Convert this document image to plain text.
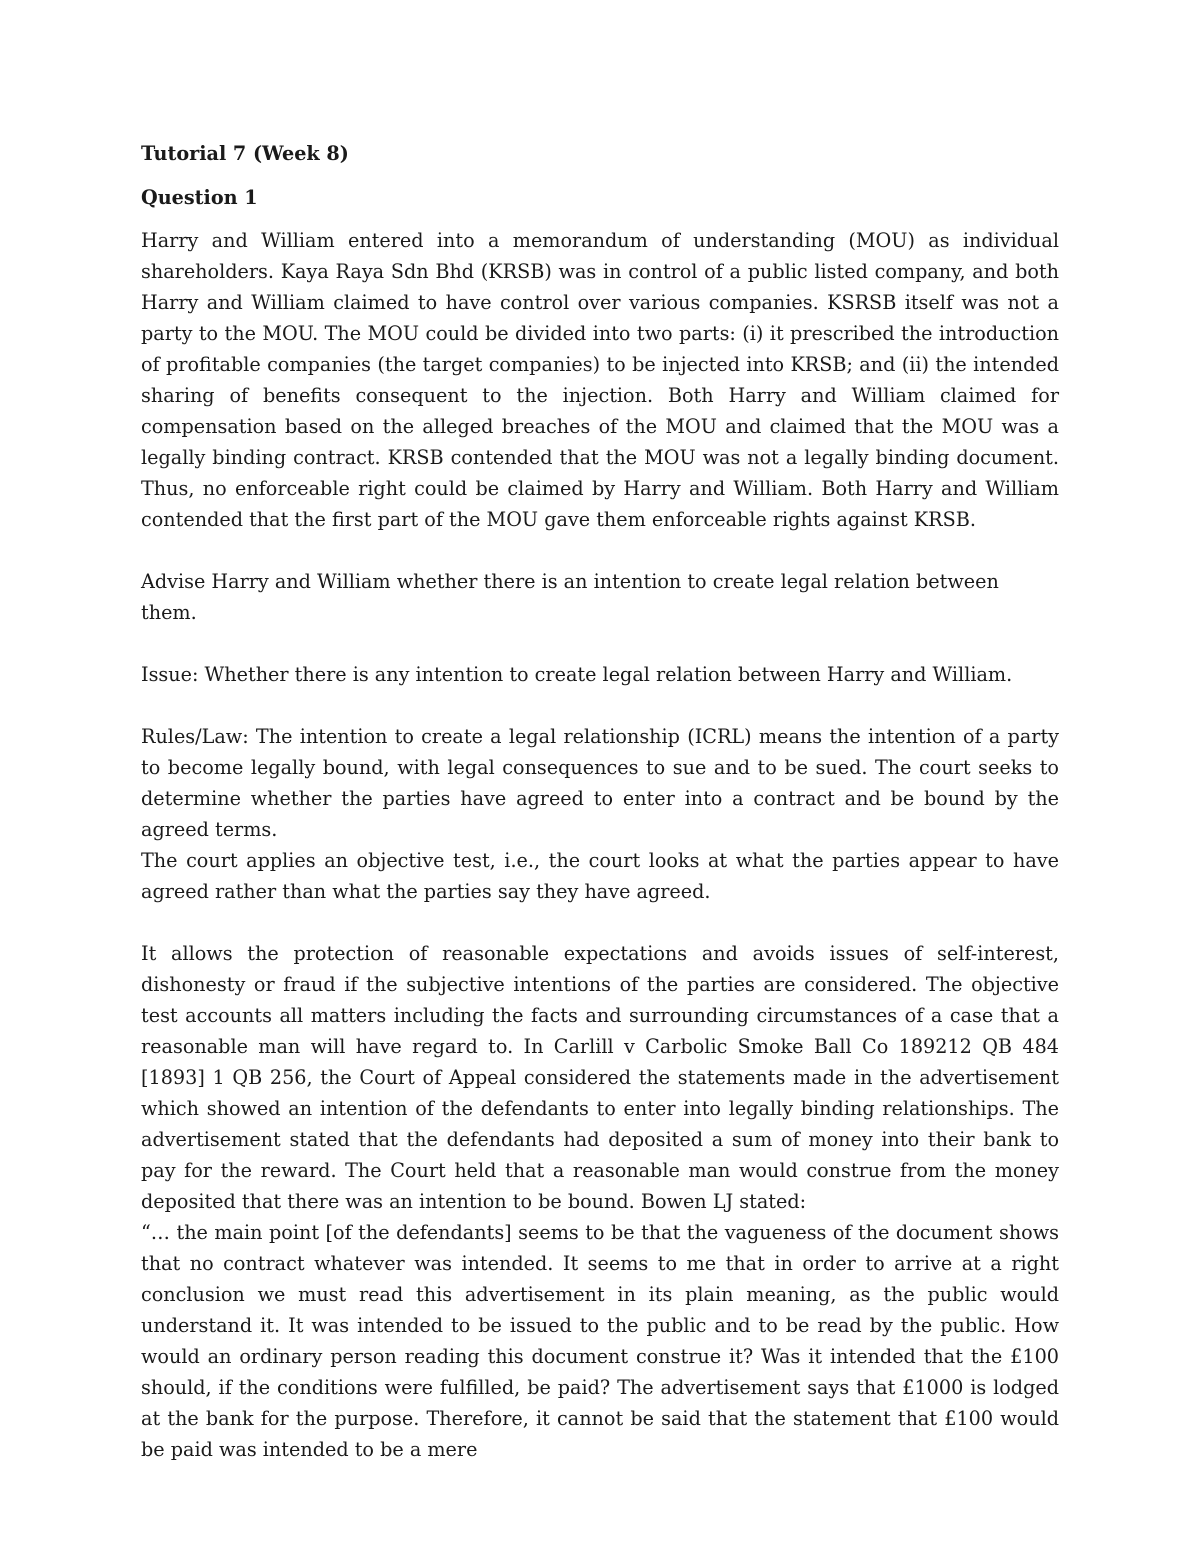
Tutorial 7 (Week 8)
Question 1

Harry and William entered into a memorandum of understanding (MOU) as individual shareholders. Kaya Raya Sdn Bhd (KRSB) was in control of a public listed company, and both Harry and William claimed to have control over various companies. KSRSB itself was not a party to the MOU. The MOU could be divided into two parts: (i) it prescribed the introduction of profitable companies (the target companies) to be injected into KRSB; and (ii) the intended sharing of benefits consequent to the injection. Both Harry and William claimed for compensation based on the alleged breaches of the MOU and claimed that the MOU was a legally binding contract. KRSB contended that the MOU was not a legally binding document. Thus, no enforceable right could be claimed by Harry and William. Both Harry and William contended that the first part of the MOU gave them enforceable rights against KRSB.

Advise Harry and William whether there is an intention to create legal relation between them.

Issue: Whether there is any intention to create legal relation between Harry and William.

Rules/Law: The intention to create a legal relationship (ICRL) means the intention of a party to become legally bound, with legal consequences to sue and to be sued. The court seeks to determine whether the parties have agreed to enter into a contract and be bound by the agreed terms.

The court applies an objective test, i.e., the court looks at what the parties appear to have agreed rather than what the parties say they have agreed.

It allows the protection of reasonable expectations and avoids issues of self-interest, dishonesty or fraud if the subjective intentions of the parties are considered. The objective test accounts all matters including the facts and surrounding circumstances of a case that a reasonable man will have regard to. In Carlill v Carbolic Smoke Ball Co 189212 QB 484 [1893] 1 QB 256, the Court of Appeal considered the statements made in the advertisement which showed an intention of the defendants to enter into legally binding relationships. The advertisement stated that the defendants had deposited a sum of money into their bank to pay for the reward. The Court held that a reasonable man would construe from the money deposited that there was an intention to be bound. Bowen LJ stated:

“… the main point [of the defendants] seems to be that the vagueness of the document shows that no contract whatever was intended. It seems to me that in order to arrive at a right conclusion we must read this advertisement in its plain meaning, as the public would understand it. It was intended to be issued to the public and to be read by the public. How would an ordinary person reading this document construe it? Was it intended that the £100 should, if the conditions were fulfilled, be paid? The advertisement says that £1000 is lodged at the bank for the purpose. Therefore, it cannot be said that the statement that £100 would be paid was intended to be a mere
